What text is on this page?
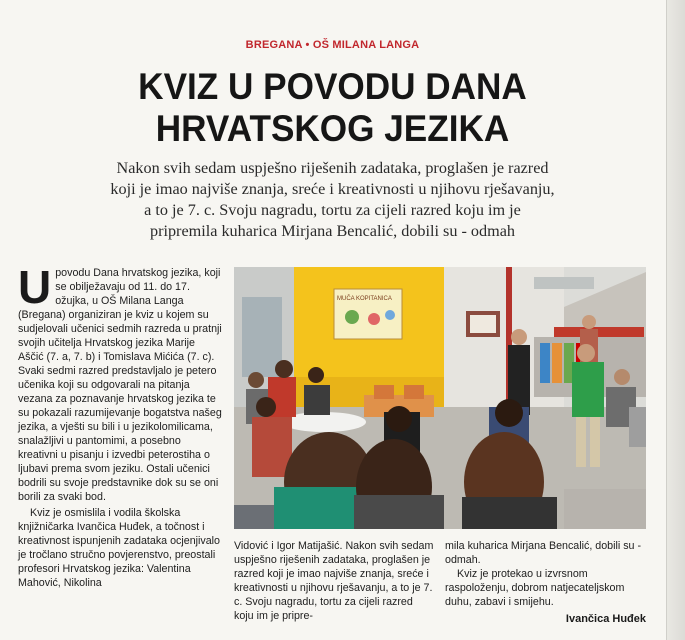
BREGANA • OŠ MILANA LANGA
KVIZ U POVODU DANA
HRVATSKOG JEZIKA
Nakon svih sedam uspješno riješenih zadataka, proglašen je razred koji je imao najviše znanja, sreće i kreativnosti u njihovu rješavanju, a to je 7. c. Svoju nagradu, tortu za cijeli razred koju im je pripremila kuharica Mirjana Bencalić, dobili su - odmah

Upovodu Dana hrvatskog jezika, koji se obilježavaju od 11. do 17. ožujka, u OŠ Milana Langa (Bregana) organiziran je kviz u kojem su sudjelovali učenici sedmih razreda u pratnji svojih učitelja Hrvatskog jezika Marije Aščić (7. a, 7. b) i Tomislava Mićića (7. c). Svaki sedmi razred predstavljalo je petero učenika koji su odgovarali na pitanja vezana za poznavanje hrvatskog jezika te su pokazali razumijevanje bogatstva našeg jezika, a vješti su bili i u jezikolomilicama, snalažljivi u pantomimi, a posebno kreativni u pisanju i izvedbi peterostiha o ljubavi prema svom jeziku. Ostali učenici bodrili su svoje predstavnike dok su se oni borili za svaki bod.

Kviz je osmislila i vodila školska knjižničarka Ivančica Huđek, a točnost i kreativnost ispunjenih zadataka ocjenjivalo je tročlano stručno povjerenstvo, preostali profesori Hrvatskog jezika: Valentina Mahović, Nikolina

MUČA KOPITANICA

Vidović i Igor Matijašić. Nakon svih sedam uspješno riješenih zadataka, proglašen je razred koji je imao najviše znanja, sreće i kreativnosti u njihovu rješavanju, a to je 7. c. Svoju nagradu, tortu za cijeli razred koju im je pripre-

mila kuharica Mirjana Bencalić, dobili su - odmah.

Kviz je protekao u izvrsnom raspoloženju, dobrom natjecateljskom duhu, zabavi i smijehu.

Ivančica Huđek
